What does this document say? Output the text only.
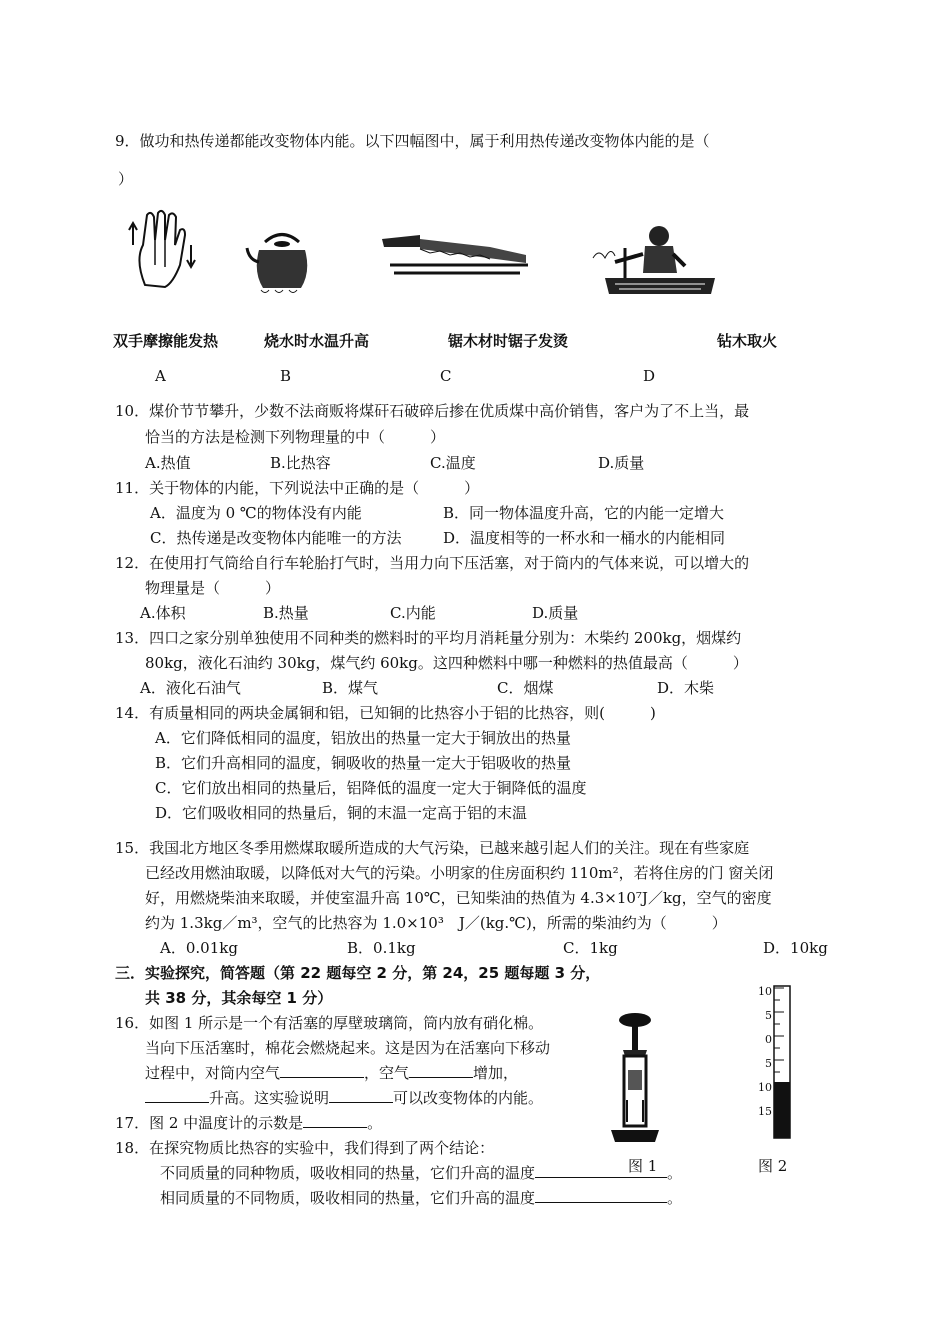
9．做功和热传递都能改变物体内能。以下四幅图中，属于利用热传递改变物体内能的是（
）
双手摩擦能发热	烧水时水温升高	锯木材时锯子发烫	钻木取火
A	B	C	D
10．煤价节节攀升，少数不法商贩将煤矸石破碎后掺在优质煤中高价销售，客户为了不上当，最
恰当的方法是检测下列物理量的中（　　　）
A.热值	B.比热容	C.温度	D.质量
11．关于物体的内能，下列说法中正确的是（　　　）
A．温度为 0 ℃的物体没有内能	B．同一物体温度升高，它的内能一定增大
C．热传递是改变物体内能唯一的方法	D．温度相等的一杯水和一桶水的内能相同
12．在使用打气筒给自行车轮胎打气时，当用力向下压活塞，对于筒内的气体来说，可以增大的
物理量是（　　　）
A.体积	B.热量	C.内能	D.质量
13．四口之家分别单独使用不同种类的燃料时的平均月消耗量分别为：木柴约 200kg，烟煤约
80kg，液化石油约 30kg，煤气约 60kg。这四种燃料中哪一种燃料的热值最高（　　　）
A．液化石油气	B．煤气	C．烟煤	D．木柴
14．有质量相同的两块金属铜和铝，已知铜的比热容小于铝的比热容，则(　　　)
A．它们降低相同的温度，铝放出的热量一定大于铜放出的热量
B．它们升高相同的温度，铜吸收的热量一定大于铝吸收的热量
C．它们放出相同的热量后，铝降低的温度一定大于铜降低的温度
D．它们吸收相同的热量后，铜的末温一定高于铝的末温
15．我国北方地区冬季用燃煤取暖所造成的大气污染，已越来越引起人们的关注。现在有些家庭
已经改用燃油取暖，以降低对大气的污染。小明家的住房面积约 110m²，若将住房的门 窗关闭
好，用燃烧柴油来取暖，并使室温升高 10℃，已知柴油的热值为 4.3×10⁷J／kg，空气的密度
约为 1.3kg／m³，空气的比热容为 1.0×10³　J／(kg.℃)，所需的柴油约为（　　　）
A．0.01kg	B．0.1kg	C．1kg	D．10kg
三．实验探究，简答题（第 22 题每空 2 分，第 24，25 题每题 3 分，
共 38 分，其余每空 1 分）
16．如图 1 所示是一个有活塞的厚壁玻璃筒，筒内放有硝化棉。
当向下压活塞时，棉花会燃烧起来。这是因为在活塞向下移动
过程中，对筒内空气	，空气	增加，
升高。这实验说明	可以改变物体的内能。
17．图 2 中温度计的示数是	。
18．在探究物质比热容的实验中，我们得到了两个结论：
不同质量的同种物质，吸收相同的热量，它们升高的温度	。
相同质量的不同物质，吸收相同的热量，它们升高的温度	。
图 1
10
5
0
5
10
15
图 2
